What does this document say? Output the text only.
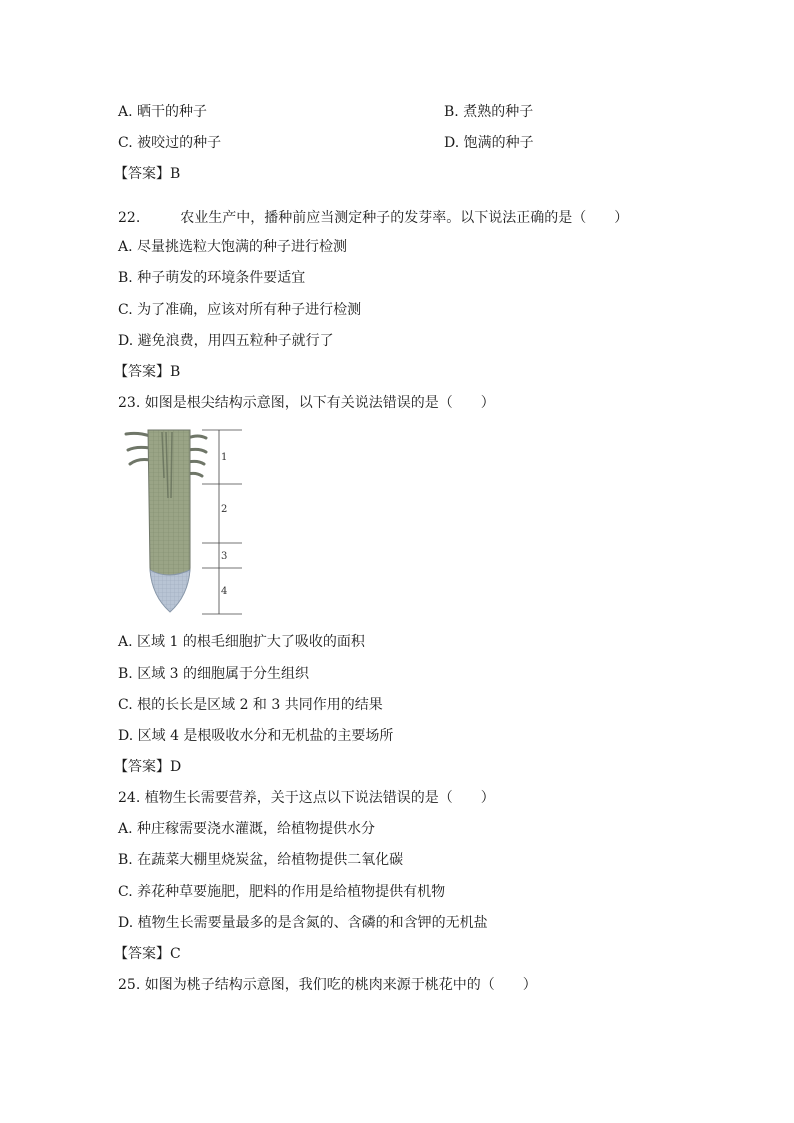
A. 晒干的种子	B. 煮熟的种子
C. 被咬过的种子	D. 饱满的种子
【答案】B
22.	农业生产中，播种前应当测定种子的发芽率。以下说法正确的是（　　）
A. 尽量挑选粒大饱满的种子进行检测
B. 种子萌发的环境条件要适宜
C. 为了准确，应该对所有种子进行检测
D. 避免浪费，用四五粒种子就行了
【答案】B
23. 如图是根尖结构示意图，以下有关说法错误的是（　　）
1
2
3
4
A. 区域 1 的根毛细胞扩大了吸收的面积
B. 区域 3 的细胞属于分生组织
C. 根的长长是区域 2 和 3 共同作用的结果
D. 区域 4 是根吸收水分和无机盐的主要场所
【答案】D
24. 植物生长需要营养，关于这点以下说法错误的是（　　）
A. 种庄稼需要浇水灌溉，给植物提供水分
B. 在蔬菜大棚里烧炭盆，给植物提供二氧化碳
C. 养花种草要施肥，肥料的作用是给植物提供有机物
D. 植物生长需要量最多的是含氮的、含磷的和含钾的无机盐
【答案】C
25. 如图为桃子结构示意图，我们吃的桃肉来源于桃花中的（　　）
